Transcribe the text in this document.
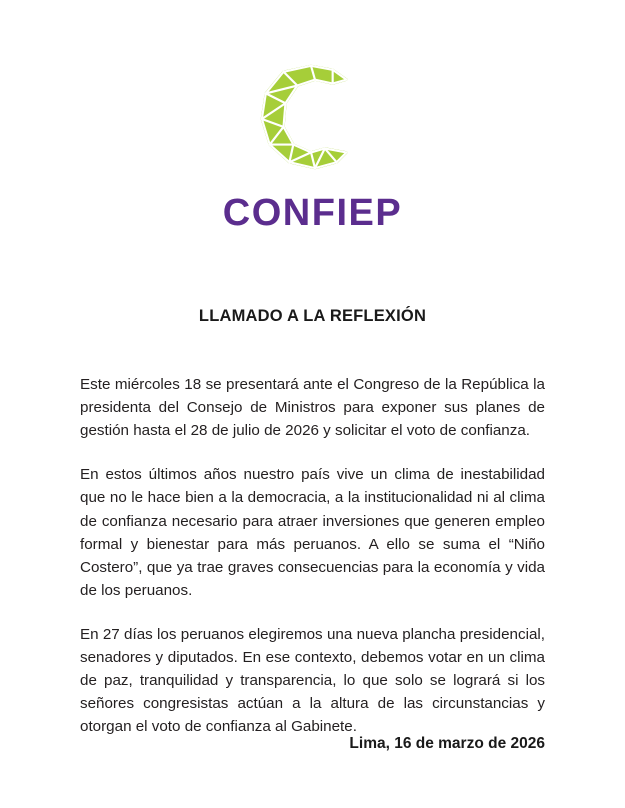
CONFIEP
LLAMADO A LA REFLEXIÓN

Este miércoles 18 se presentará ante el Congreso de la República la presidenta del Consejo de Ministros para exponer sus planes de gestión hasta el 28 de julio de 2026 y solicitar el voto de confianza.

En estos últimos años nuestro país vive un clima de inestabilidad que no le hace bien a la democracia, a la institucionalidad ni al clima de confianza necesario para atraer inversiones que generen empleo formal y bienestar para más peruanos. A ello se suma el “Niño Costero”, que ya trae graves consecuencias para la economía y vida de los peruanos.

En 27 días los peruanos elegiremos una nueva plancha presidencial, senadores y diputados. En ese contexto, debemos votar en un clima de paz, tranquilidad y transparencia, lo que solo se logrará si los señores congresistas actúan a la altura de las circunstancias y otorgan el voto de confianza al Gabinete.

Lima, 16 de marzo de 2026
